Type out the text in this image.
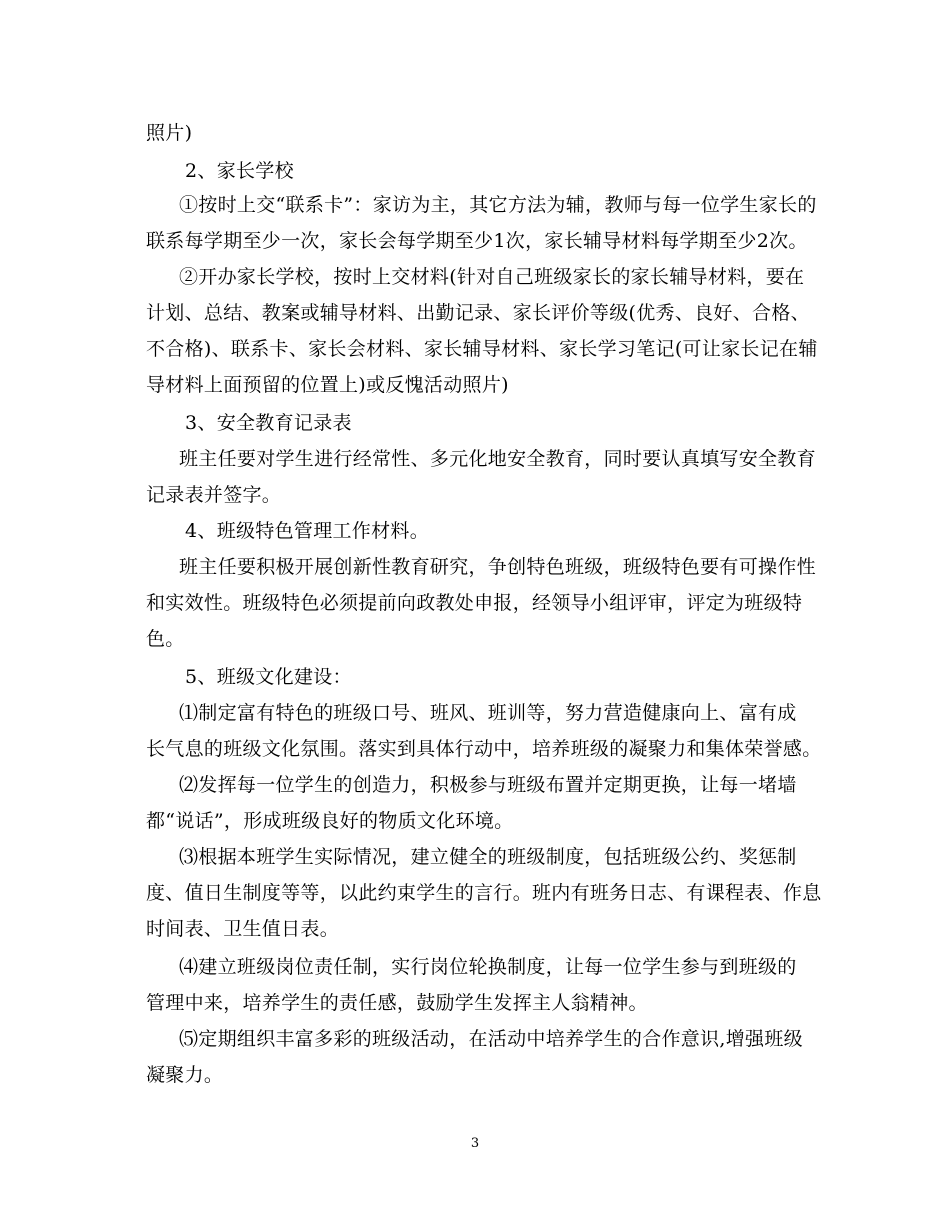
照片)
2、家长学校
①按时上交“联系卡”：家访为主，其它方法为辅，教师与每一位学生家长的
联系每学期至少一次，家长会每学期至少1次，家长辅导材料每学期至少2次。
②开办家长学校，按时上交材料(针对自己班级家长的家长辅导材料，要在
计划、总结、教案或辅导材料、出勤记录、家长评价等级(优秀、良好、合格、
不合格)、联系卡、家长会材料、家长辅导材料、家长学习笔记(可让家长记在辅
导材料上面预留的位置上)或反愧活动照片)
3、安全教育记录表
班主任要对学生进行经常性、多元化地安全教育，同时要认真填写安全教育
记录表并签字。
4、班级特色管理工作材料。
班主任要积极开展创新性教育研究，争创特色班级，班级特色要有可操作性
和实效性。班级特色必须提前向政教处申报，经领导小组评审，评定为班级特
色。
5、班级文化建设：
⑴制定富有特色的班级口号、班风、班训等，努力营造健康向上、富有成
长气息的班级文化氛围。落实到具体行动中，培养班级的凝聚力和集体荣誉感。
⑵发挥每一位学生的创造力，积极参与班级布置并定期更换，让每一堵墙
都“说话”，形成班级良好的物质文化环境。
⑶根据本班学生实际情况，建立健全的班级制度，包括班级公约、奖惩制
度、值日生制度等等，以此约束学生的言行。班内有班务日志、有课程表、作息
时间表、卫生值日表。
⑷建立班级岗位责任制，实行岗位轮换制度，让每一位学生参与到班级的
管理中来，培养学生的责任感，鼓励学生发挥主人翁精神。
⑸定期组织丰富多彩的班级活动，在活动中培养学生的合作意识,增强班级
凝聚力。
3
